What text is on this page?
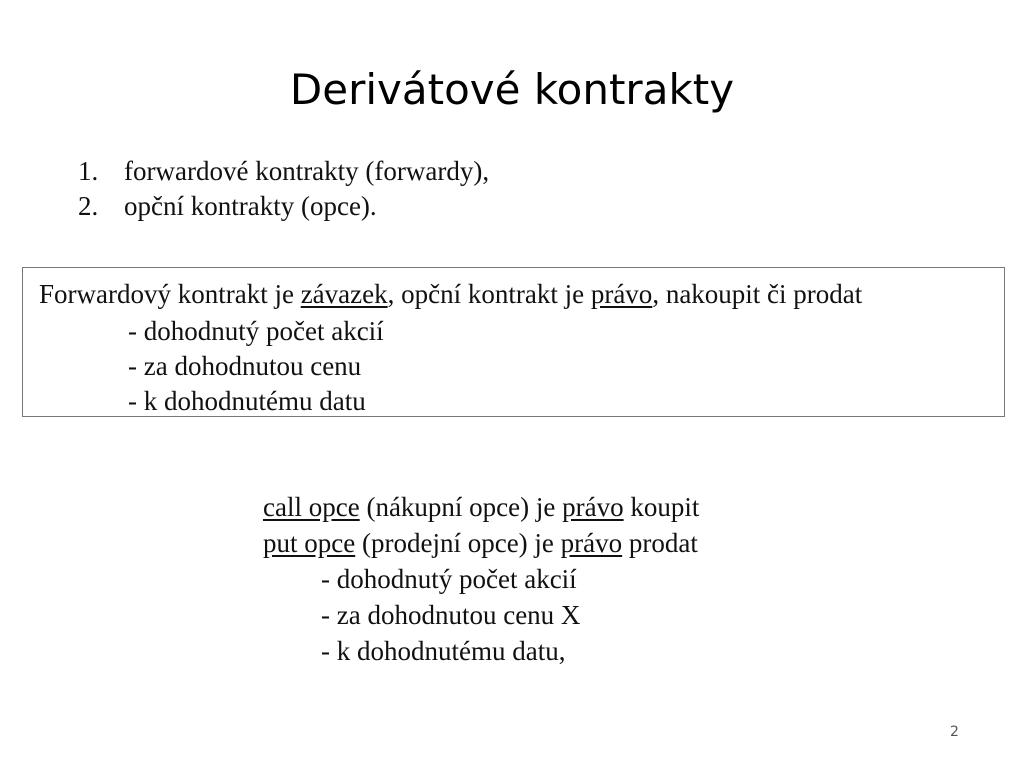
Derivátové kontrakty
1. forwardové kontrakty (forwardy),
2. opční kontrakty (opce).
Forwardový kontrakt je závazek, opční kontrakt je právo, nakoupit či prodat
- dohodnutý počet akcií
- za dohodnutou cenu
- k dohodnutému datu
call opce (nákupní opce) je právo koupit
put opce (prodejní opce) je právo prodat
- dohodnutý počet akcií
- za dohodnutou cenu X
- k dohodnutému datu,
2
